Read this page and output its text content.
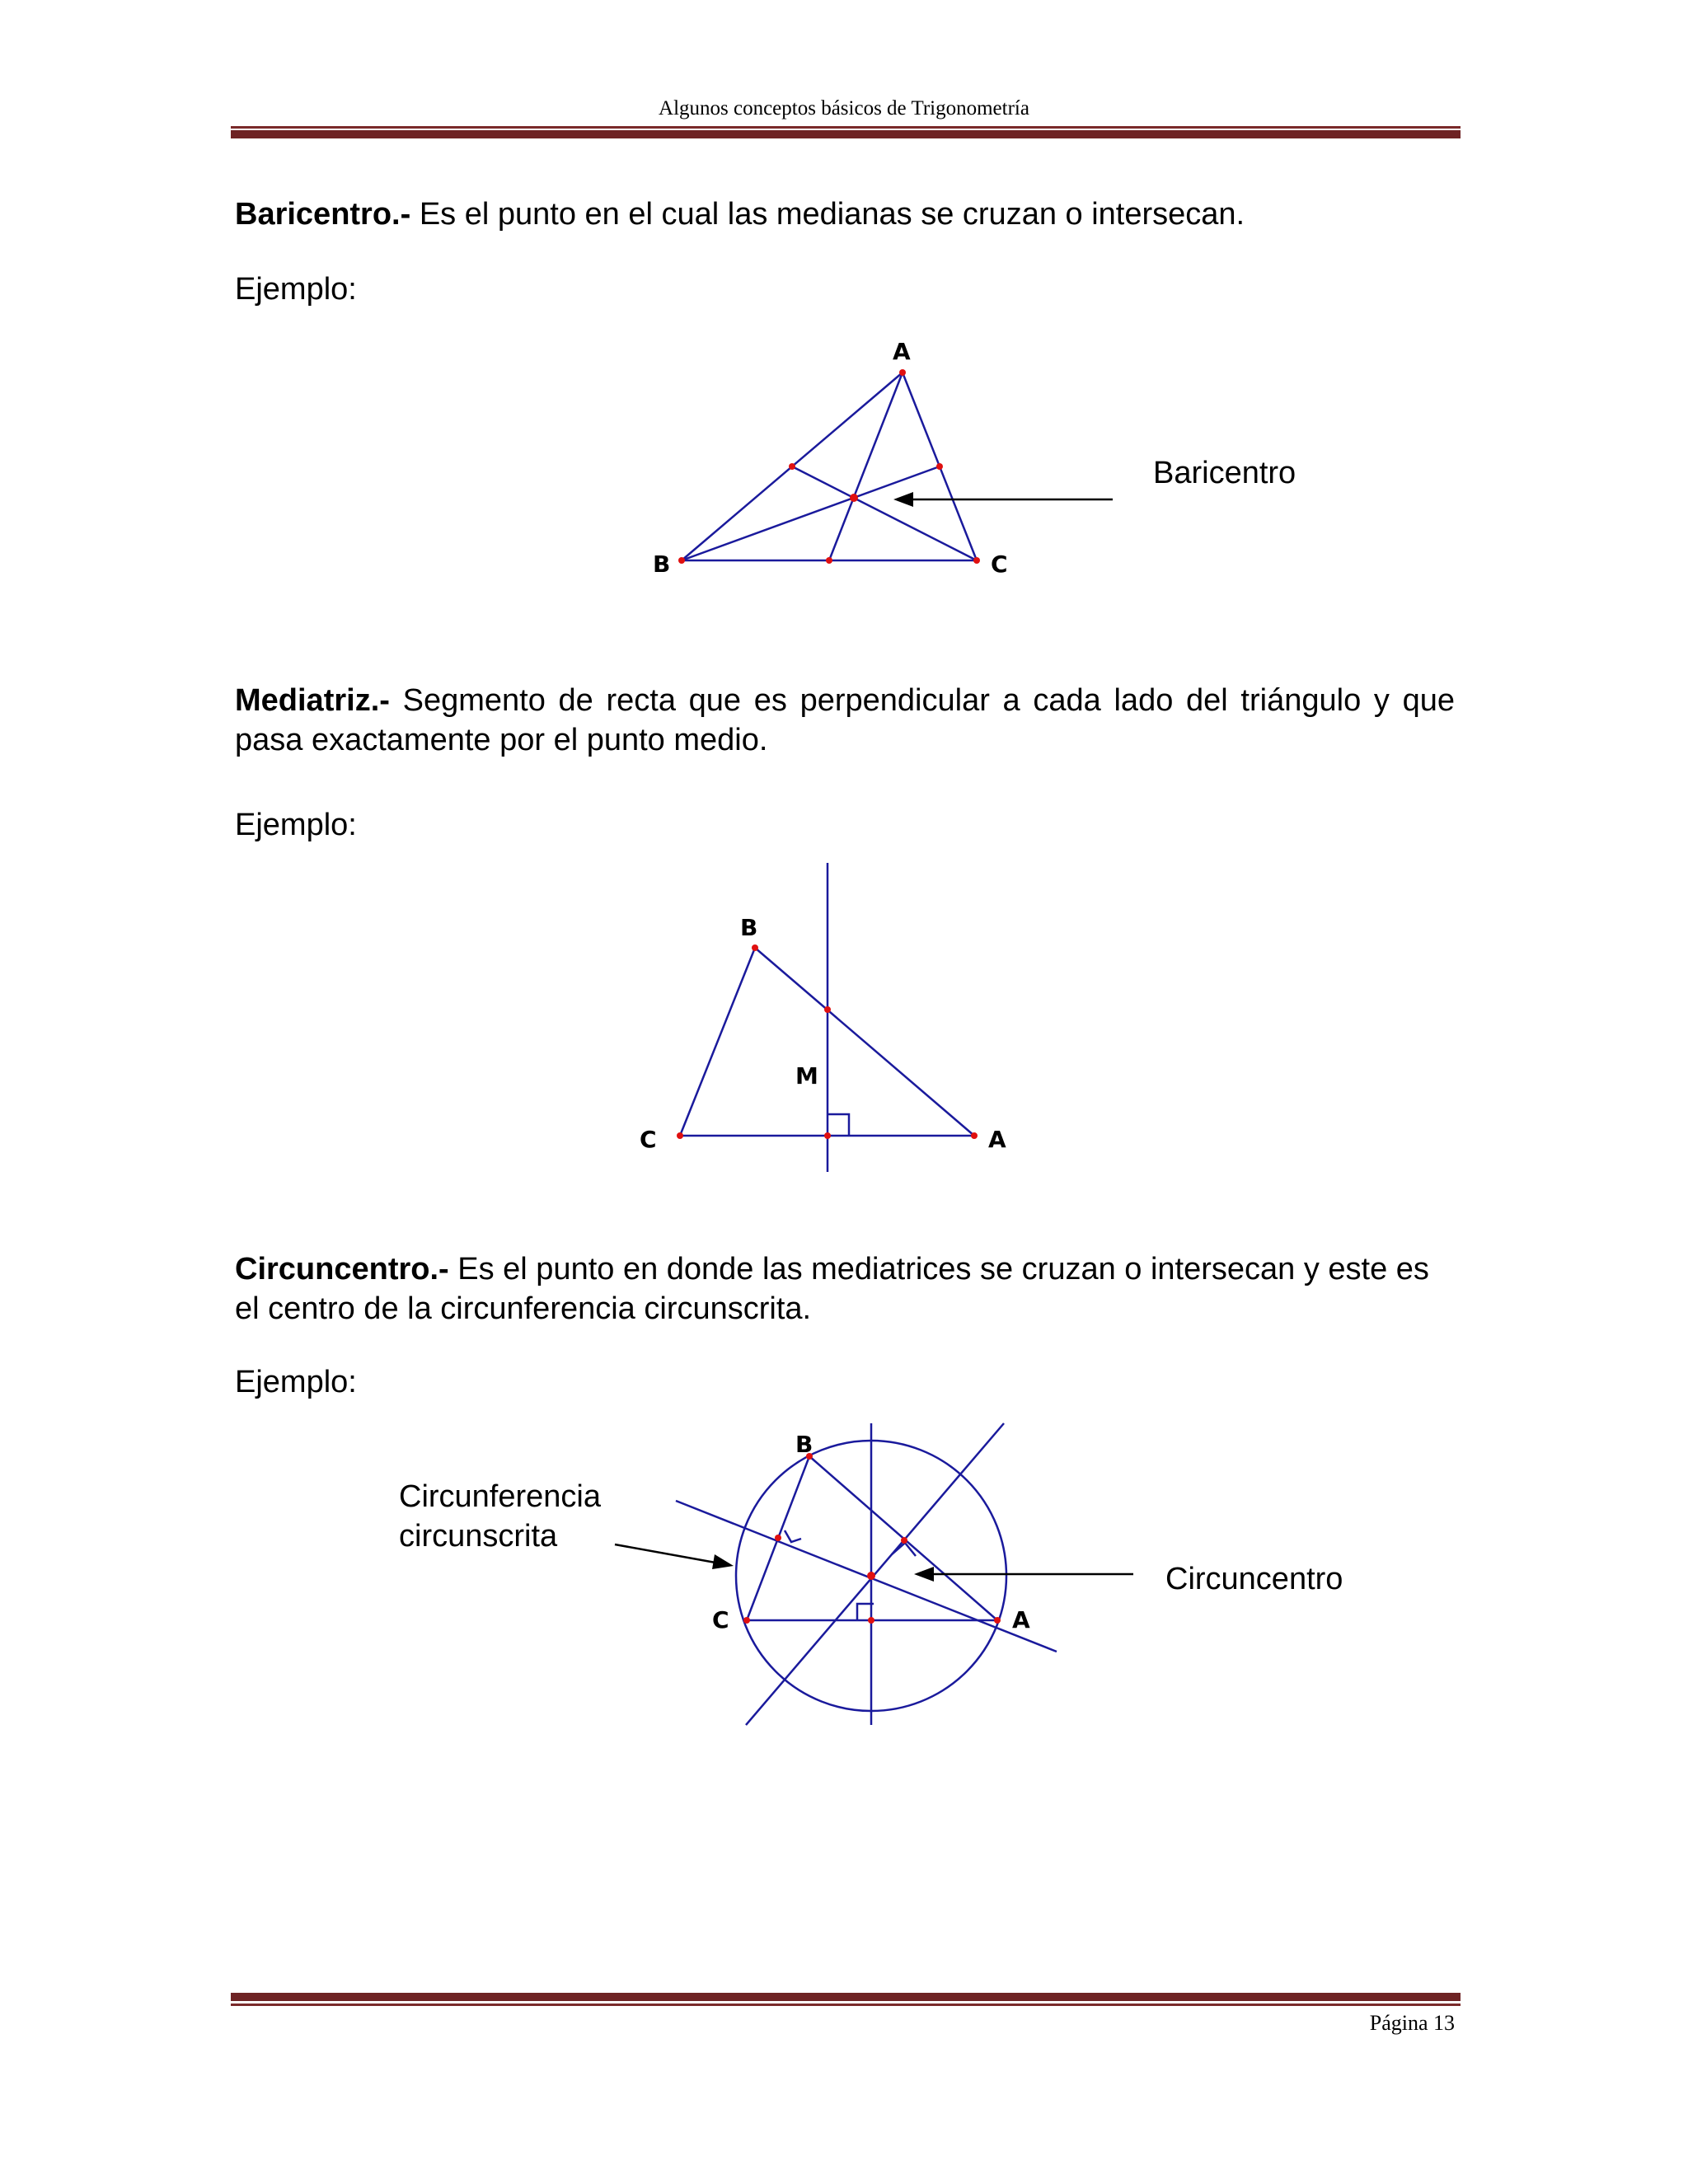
Algunos conceptos básicos de Trigonometría
Baricentro.- Es el punto en el cual las medianas se cruzan o intersecan.
Ejemplo:
A
B	C
Baricentro
Mediatriz.- Segmento de recta que es perpendicular a cada lado del triángulo y que pasa exactamente por el punto medio.
Ejemplo:
B
M
C	A
Circuncentro.- Es el punto en donde las mediatrices se cruzan o intersecan y este es el centro de la circunferencia circunscrita.
Ejemplo:
B
C	A
Circunferencia
circunscrita
Circuncentro
Página 13
